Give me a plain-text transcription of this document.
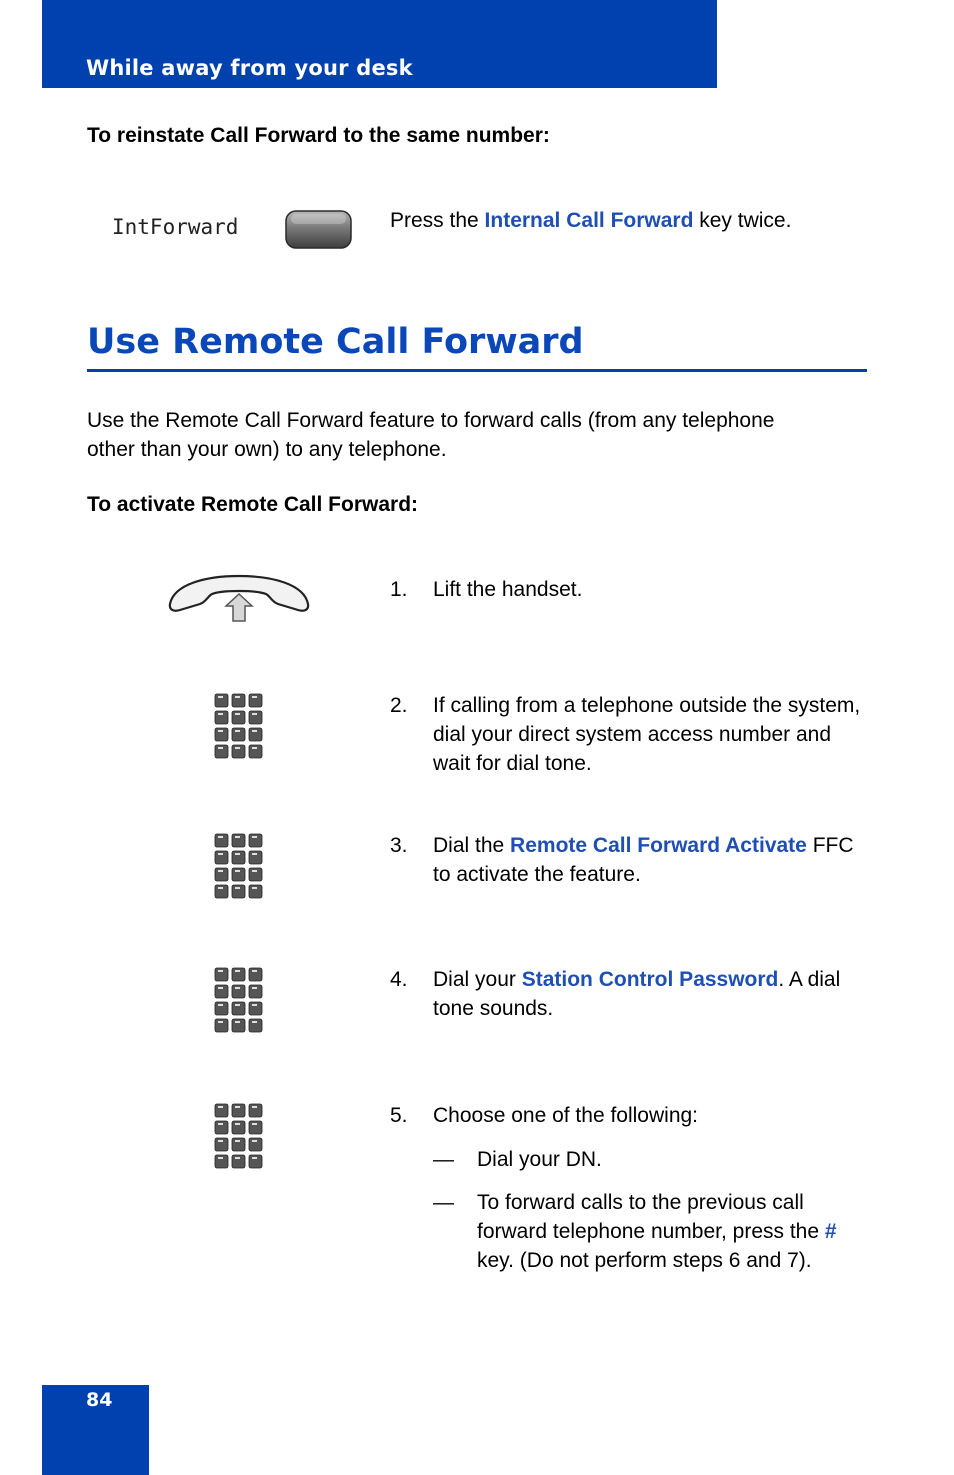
While away from your desk
To reinstate Call Forward to the same number:
IntForward	Press the Internal Call Forward key twice.
Use Remote Call Forward
Use the Remote Call Forward feature to forward calls (from any telephone other than your own) to any telephone.
To activate Remote Call Forward:
1. Lift the handset.
2. If calling from a telephone outside the system, dial your direct system access number and wait for dial tone.
3. Dial the Remote Call Forward Activate FFC to activate the feature.
4. Dial your Station Control Password. A dial tone sounds.
5. Choose one of the following:
— Dial your DN.
— To forward calls to the previous call forward telephone number, press the # key. (Do not perform steps 6 and 7).
84
